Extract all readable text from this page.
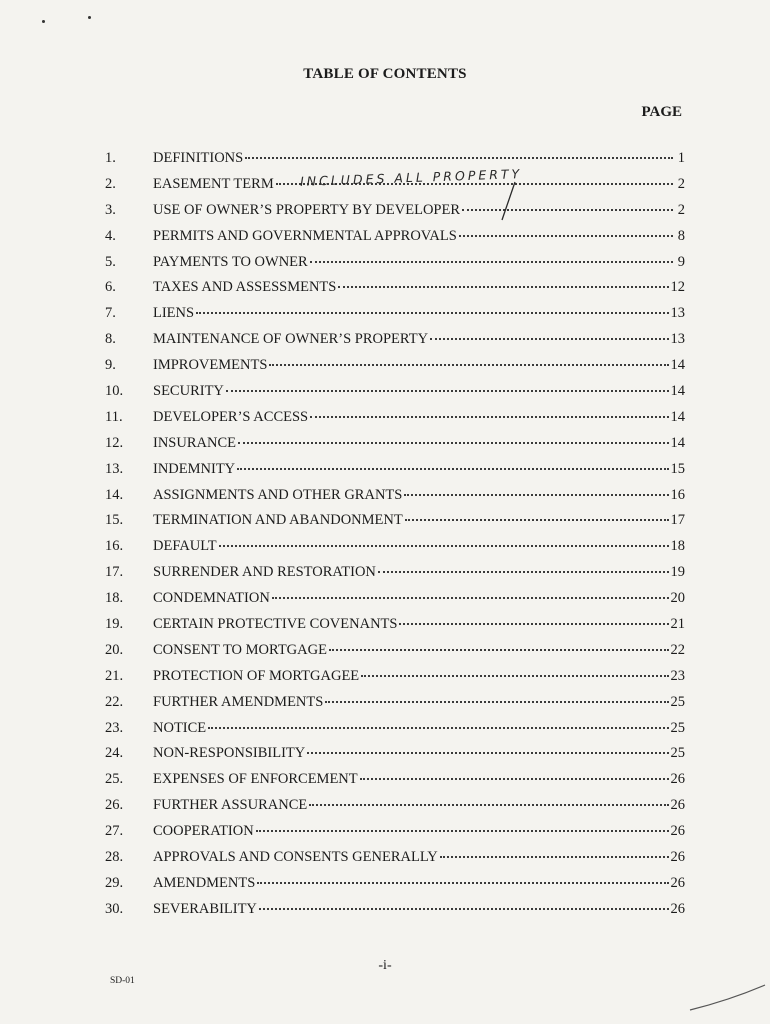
TABLE OF CONTENTS
PAGE
1.	DEFINITIONS	1
2.	EASEMENT TERM	2
3.	USE OF OWNER’S PROPERTY BY DEVELOPER	2
4.	PERMITS AND GOVERNMENTAL APPROVALS	8
5.	PAYMENTS TO OWNER	9
6.	TAXES AND ASSESSMENTS	12
7.	LIENS	13
8.	MAINTENANCE OF OWNER’S PROPERTY	13
9.	IMPROVEMENTS	14
10.	SECURITY	14
11.	DEVELOPER’S ACCESS	14
12.	INSURANCE	14
13.	INDEMNITY	15
14.	ASSIGNMENTS AND OTHER GRANTS	16
15.	TERMINATION AND ABANDONMENT	17
16.	DEFAULT	18
17.	SURRENDER AND RESTORATION	19
18.	CONDEMNATION	20
19.	CERTAIN PROTECTIVE COVENANTS	21
20.	CONSENT TO MORTGAGE	22
21.	PROTECTION OF MORTGAGEE	23
22.	FURTHER AMENDMENTS	25
23.	NOTICE	25
24.	NON-RESPONSIBILITY	25
25.	EXPENSES OF ENFORCEMENT	26
26.	FURTHER ASSURANCE	26
27.	COOPERATION	26
28.	APPROVALS AND CONSENTS GENERALLY	26
29.	AMENDMENTS	26
30.	SEVERABILITY	26
INCLUDES ALL PROPERTY
-i-
SD-01
